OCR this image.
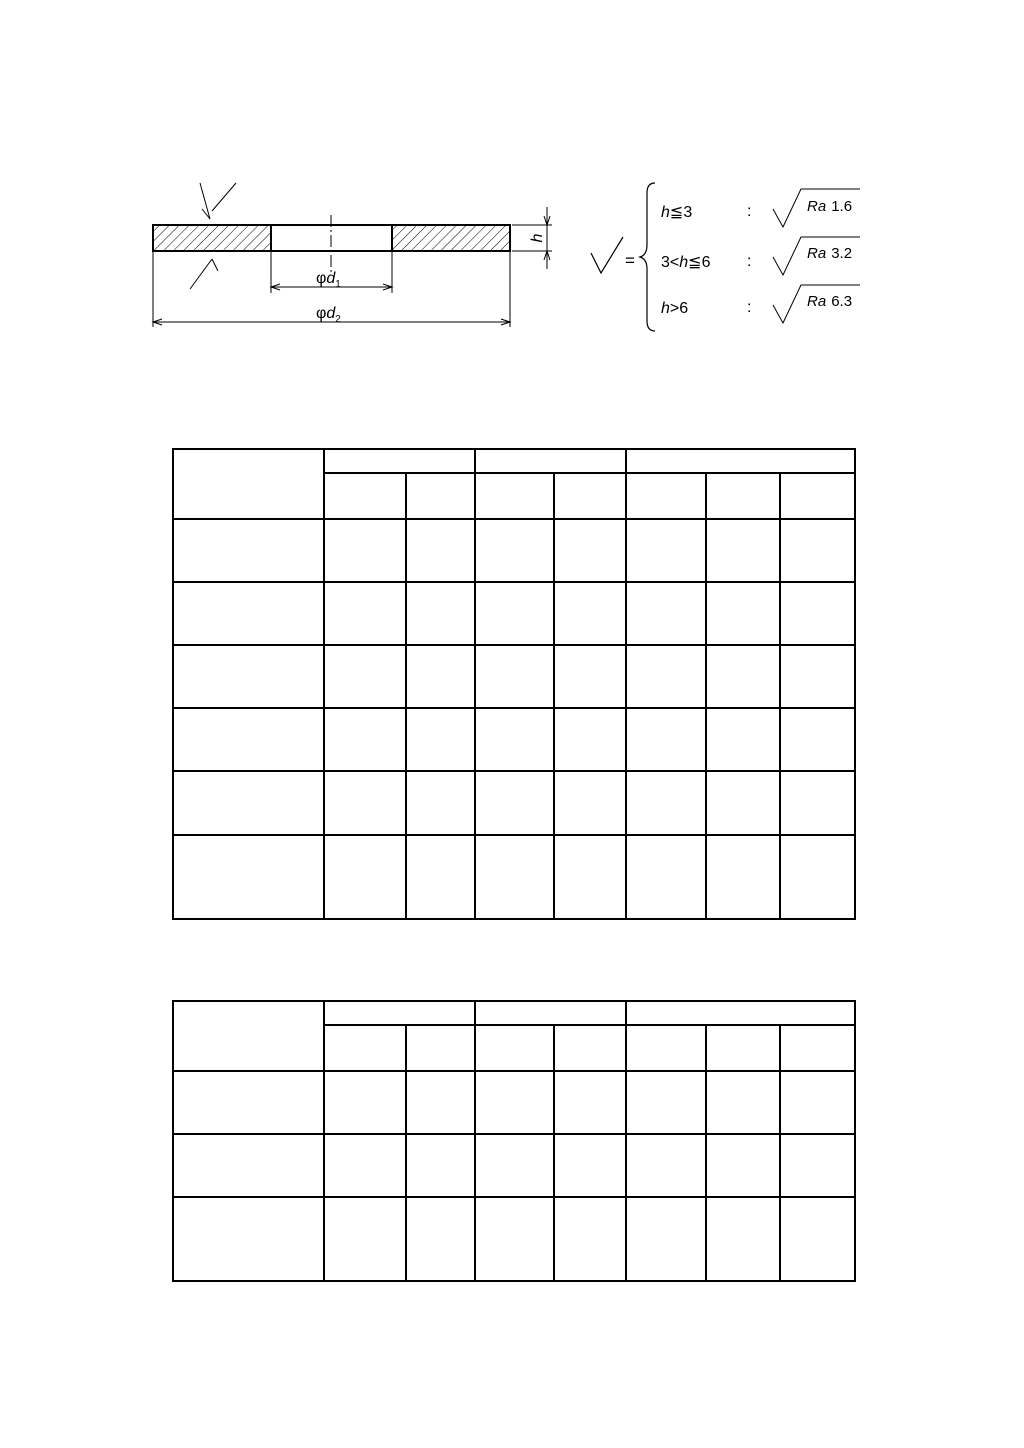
$\varphi d_1$
$\varphi d_2$
h
=
h≦3	:	Ra 1.6
3<h≦6 :	Ra 3.2
h>6	:	Ra 6.3
